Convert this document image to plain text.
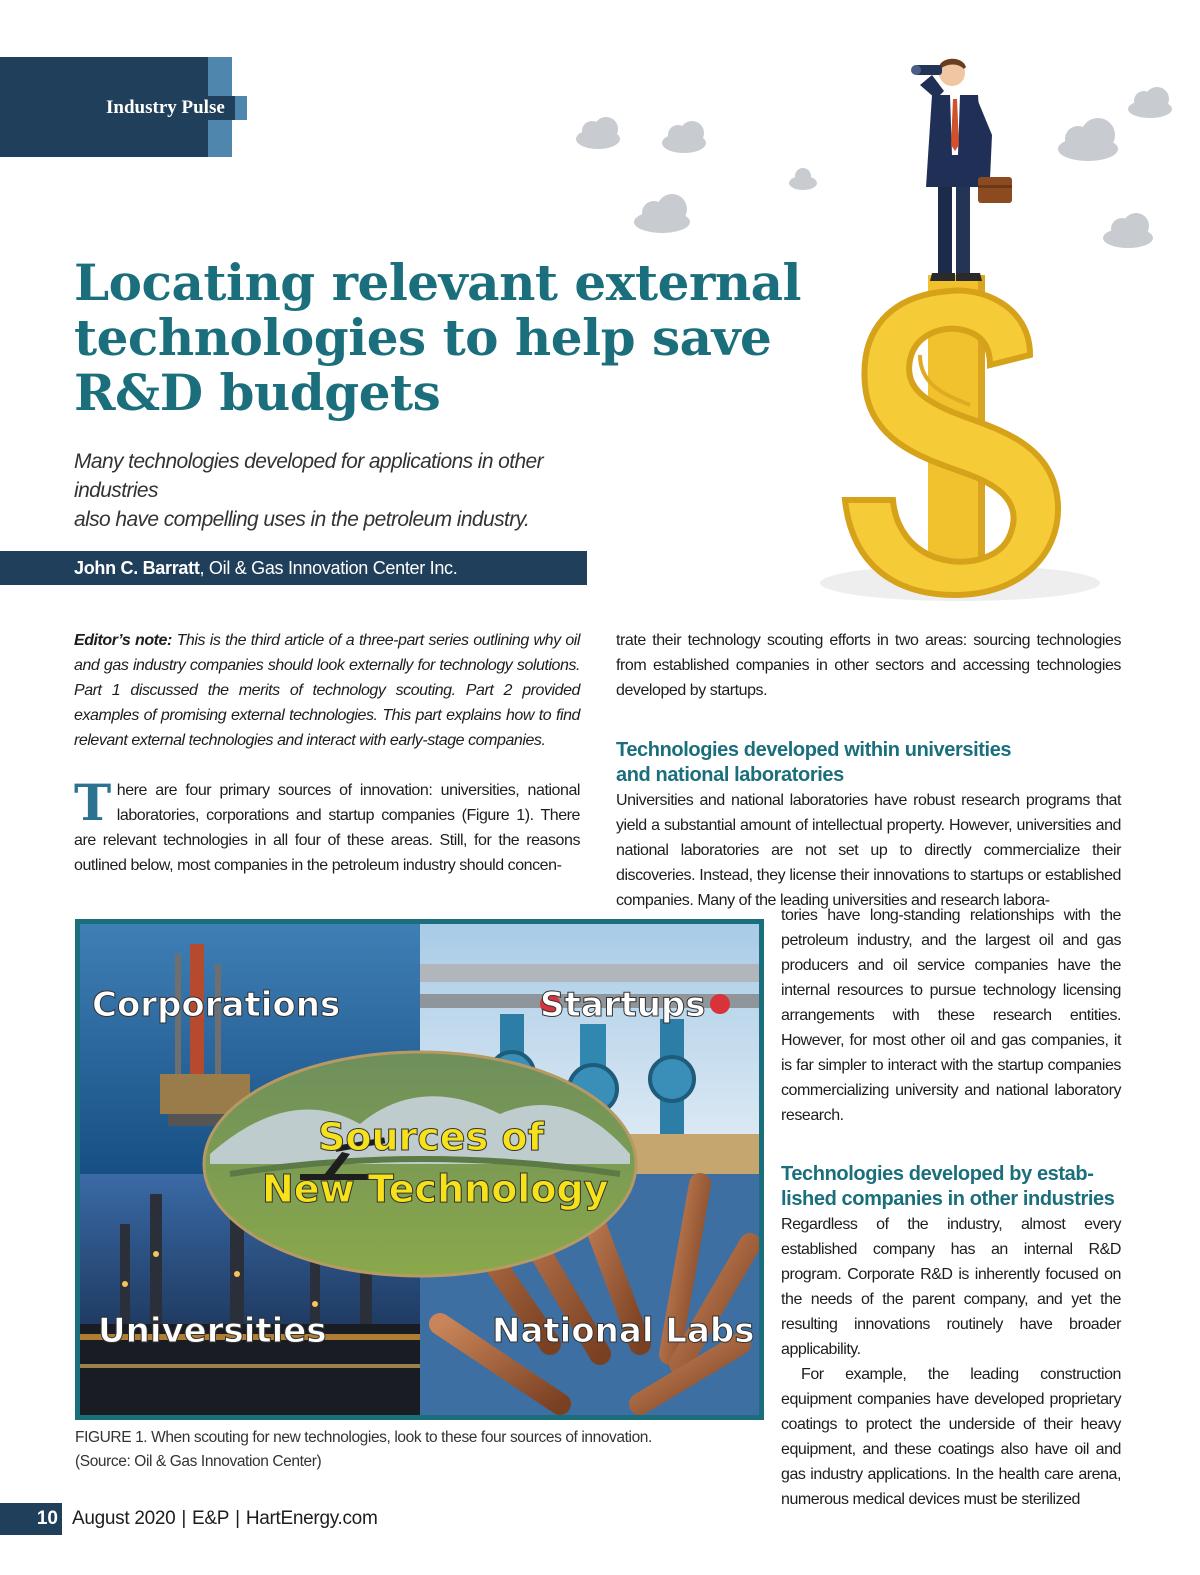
Industry Pulse
Locating relevant external technologies to help save R&D budgets
Many technologies developed for applications in other industries
also have compelling uses in the petroleum industry.
John C. Barratt, Oil & Gas Innovation Center Inc.

Editor’s note: This is the third article of a three-part series outlining why oil and gas industry companies should look externally for technology solutions. Part 1 discussed the merits of technology scouting. Part 2 provided examples of promising external technologies. This part explains how to find relevant external technologies and interact with early-stage companies.

There are four primary sources of innovation: universities, national laboratories, corporations and startup companies (Figure 1). There are relevant technologies in all four of these areas. Still, for the reasons outlined below, most companies in the petroleum industry should concen-

trate their technology scouting efforts in two areas: sourcing technologies from established companies in other sectors and accessing technologies developed by startups.

Technologies developed within universities
and national laboratories

Universities and national laboratories have robust research programs that yield a substantial amount of intellectual property. However, universities and national laboratories are not set up to directly commercialize their discoveries. Instead, they license their innovations to startups or established companies. Many of the leading universities and research labora-

tories have long-standing relationships with the petroleum industry, and the largest oil and gas producers and oil service companies have the internal resources to pursue technology licensing arrangements with these research entities. However, for most other oil and gas companies, it is far simpler to interact with the startup companies commercializing university and national laboratory research.

Technologies developed by estab-
lished companies in other industries

Regardless of the industry, almost every established company has an internal R&D program. Corporate R&D is inherently focused on the needs of the parent company, and yet the resulting innovations routinely have broader applicability.

For example, the leading construction equipment companies have developed proprietary coatings to protect the underside of their heavy equipment, and these coatings also have oil and gas industry applications. In the health care arena, numerous medical devices must be sterilized

Corporations	Startups
Sources of
New Technology
Universities	National Labs
FIGURE 1. When scouting for new technologies, look to these four sources of innovation.
(Source: Oil & Gas Innovation Center)
10 August 2020 | E&P | HartEnergy.com
